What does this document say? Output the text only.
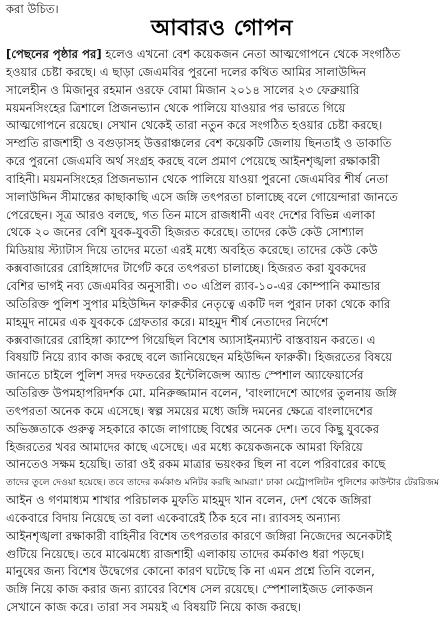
করা উচিত।
আবারও গোপন
[পেছনের পৃষ্ঠার পর] হলেও এখনো বেশ কয়েকজন নেতা আত্মগোপনে থেকে সংগঠিত
হওয়ার চেষ্টা করছে। এ ছাড়া জেএমবির পুরনো দলের কথিত আমির সালাউদ্দিন
সালেহীন ও মিজানুর রহমান ওরফে বোমা মিজান ২০১৪ সালের ২৩ ফেব্রুয়ারি
ময়মনসিংহের ত্রিশালে প্রিজনভ্যান থেকে পালিয়ে যাওয়ার পর ভারতে গিয়ে
আত্মগোপনে রয়েছে। সেখান থেকেই তারা নতুন করে সংগঠিত হওয়ার চেষ্টা করছে।
সম্প্রতি রাজশাহী ও বগুড়াসহ উত্তরাঞ্চলের বেশ কয়েকটি জেলায় ছিনতাই ও ডাকাতি
করে পুরনো জেএমবি অর্থ সংগ্রহ করছে বলে প্রমাণ পেয়েছে আইনশৃঙ্খলা রক্ষাকারী
বাহিনী। ময়মনসিংহের প্রিজনভ্যান থেকে পালিয়ে যাওয়া পুরনো জেএমবির শীর্ষ নেতা
সালাউদ্দিন সীমান্তের কাছাকাছি এসে জঙ্গি তৎপরতা চালাচ্ছে বলে গোয়েন্দারা জানতে
পেরেছেন। সূত্র আরও বলছে, গত তিন মাসে রাজধানী এবং দেশের বিভিন্ন এলাকা
থেকে ২০ জনের বেশি যুবক-যুবতী হিজরত করেছে। তাদের কেউ কেউ সোশ্যাল
মিডিয়ায় স্ট্যাটাস দিয়ে তাদের মতো এরই মধ্যে অবহিত করেছে। তাদের কেউ কেউ
কক্সবাজারের রোহিঙ্গাদের টার্গেট করে তৎপরতা চালাচ্ছে। হিজরত করা যুবকদের
বেশির ভাগই নব্য জেএমবির অনুসারী। ৩০ এপ্রিল র‌্যাব-১০-এর কোম্পানি কমান্ডার
অতিরিক্ত পুলিশ সুপার মহিউদ্দিন ফারুকীর নেতৃত্বে একটি দল পুরান ঢাকা থেকে কারি
মাহমুদ নামের এক যুবককে গ্রেফতার করে। মাহমুদ শীর্ষ নেতাদের নির্দেশে
কক্সবাজারের রোহিঙ্গা ক্যাম্পে গিয়েছিল বিশেষ অ্যাসাইনম্যান্ট বাস্তবায়ন করতে। এ
বিষয়টি নিয়ে র‌্যাব কাজ করছে বলে জানিয়েছেন মহিউদ্দিন ফারুকী। হিজরতের বিষয়ে
জানতে চাইলে পুলিশ সদর দফতরের ইন্টেলিজেন্স অ্যান্ড স্পেশাল অ্যাফেয়ার্সের
অতিরিক্ত উপমহাপরিদর্শক মো. মনিরুজ্জামান বলেন, 'বাংলাদেশে আগের তুলনায় জঙ্গি
তৎপরতা অনেক কমে এসেছে। স্বল্প সময়ের মধ্যে জঙ্গি দমনের ক্ষেত্রে বাংলাদেশের
অভিজ্ঞতাকে গুরুত্ব সহকারে কাজে লাগাচ্ছে বিশ্বের অনেক দেশ। তবে কিছু যুবকের
হিজরতের খবর আমাদের কাছে এসেছে। এর মধ্যে কয়েকজনকে আমরা ফিরিয়ে
আনতেও সক্ষম হয়েছি। তারা ওই রকম মাত্রার ভয়ংকর ছিল না বলে পরিবারের কাছে
তাদের তুলে দেওয়া হয়েছে। তবে তাদের কর্মকাণ্ড মনিটর করছি আমরা।' ঢাকা মেট্রোপলিটন পুলিশের কাউন্টার টেররিজম
আইন ও গণমাধ্যম শাখার পরিচালক মুফতি মাহমুদ খান বলেন, দেশ থেকে জঙ্গিরা
একেবারে বিদায় নিয়েছে তা বলা একেবারেই ঠিক হবে না। র‌্যাবসহ অন্যান্য
আইনশৃঙ্খলা রক্ষাকারী বাহিনীর বিশেষ তৎপরতার কারণে জঙ্গিরা নিজেদের অনেকটাই
গুটিয়ে নিয়েছে। তবে মাঝেমধ্যে রাজশাহী এলাকায় তাদের কর্মকাণ্ড ধরা পড়ছে।
মানুষের জন্য বিশেষ উদ্বেগের কোনো কারণ ঘটেছে কি না এমন প্রশ্নে তিনি বলেন,
জঙ্গি নিয়ে কাজ করার জন্য র‌্যাবের বিশেষ সেল রয়েছে। স্পেশালাইজড লোকজন
সেখানে কাজ করে। তারা সব সময়ই এ বিষয়টি নিয়ে কাজ করছে।
